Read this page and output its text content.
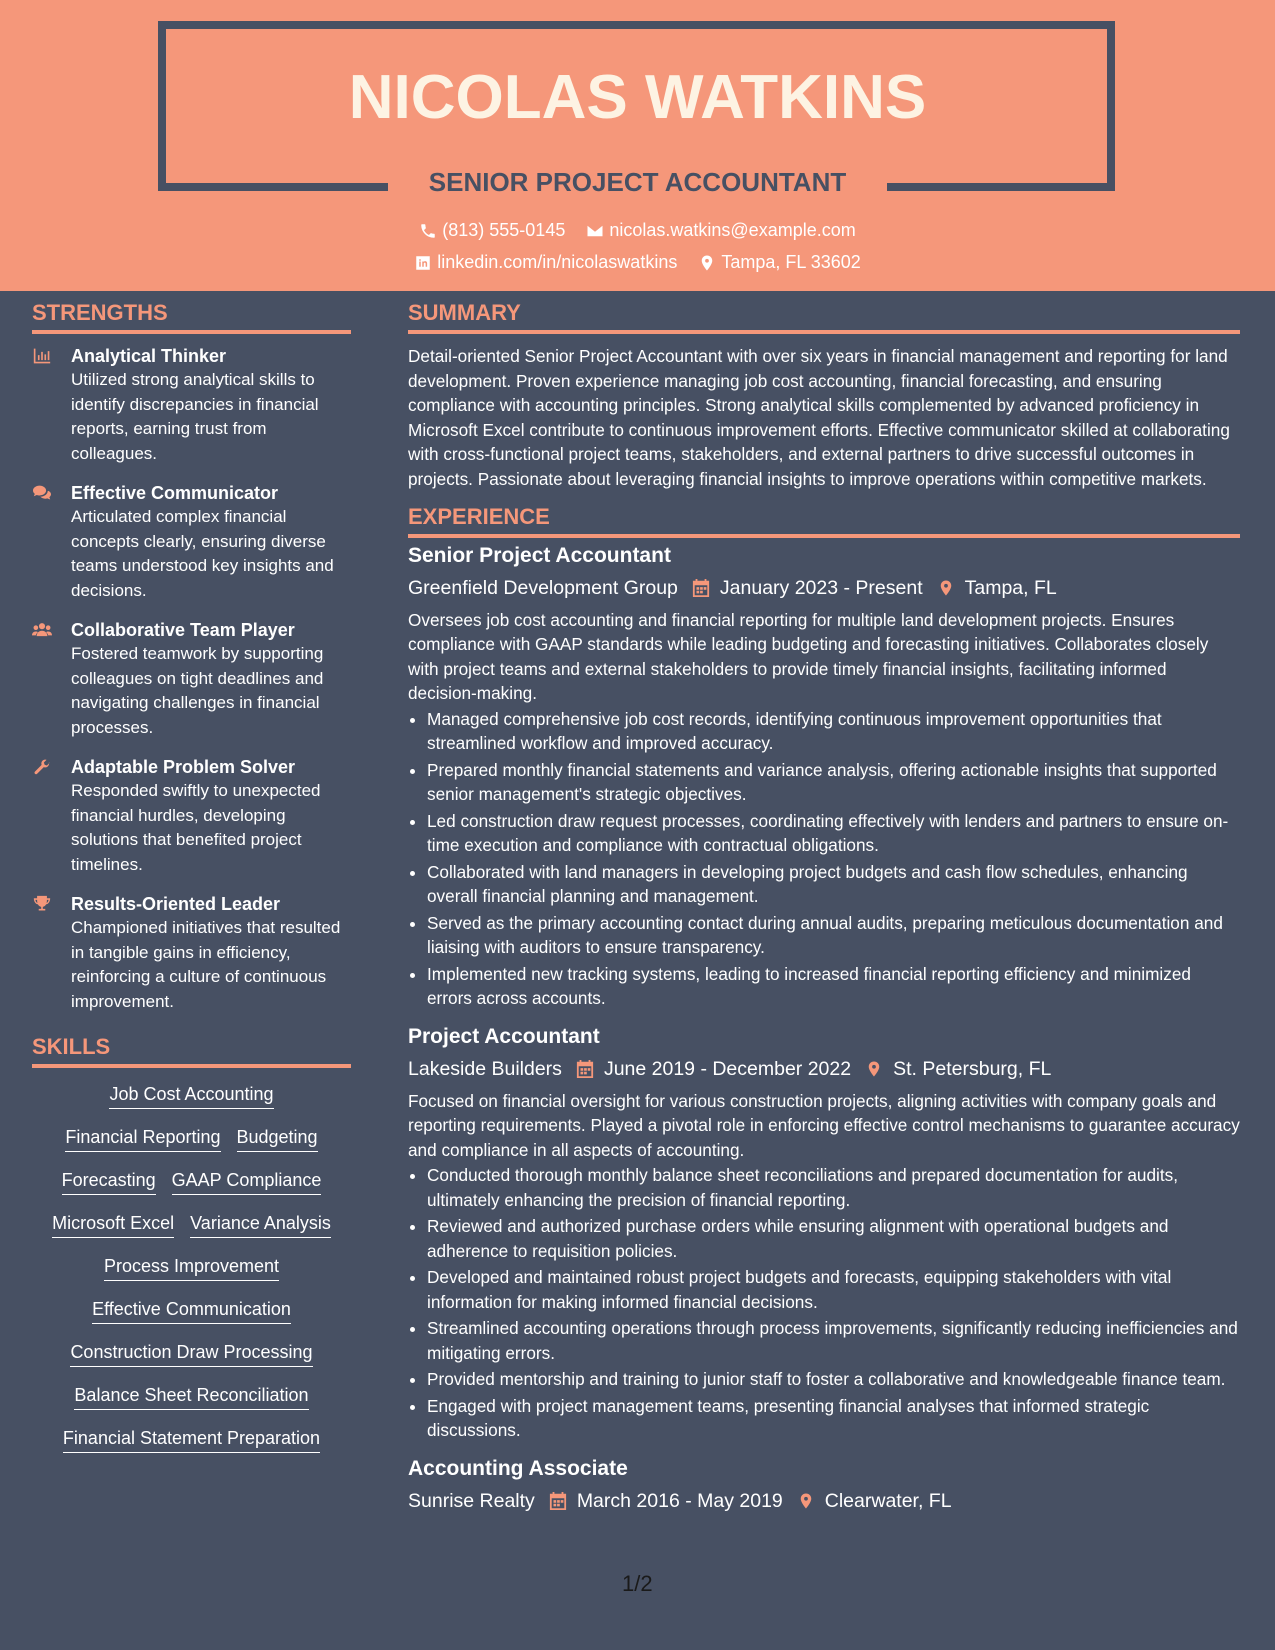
NICOLAS WATKINS
SENIOR PROJECT ACCOUNTANT
(813) 555-0145
nicolas.watkins@example.com
linkedin.com/in/nicolaswatkins
Tampa, FL 33602
STRENGTHS
Analytical Thinker
Utilized strong analytical skills to identify discrepancies in financial reports, earning trust from colleagues.
Effective Communicator
Articulated complex financial concepts clearly, ensuring diverse teams understood key insights and decisions.
Collaborative Team Player
Fostered teamwork by supporting colleagues on tight deadlines and navigating challenges in financial processes.
Adaptable Problem Solver
Responded swiftly to unexpected financial hurdles, developing solutions that benefited project timelines.
Results-Oriented Leader
Championed initiatives that resulted in tangible gains in efficiency, reinforcing a culture of continuous improvement.
SKILLS
Job Cost Accounting
Financial Reporting Budgeting
Forecasting GAAP Compliance
Microsoft Excel Variance Analysis
Process Improvement
Effective Communication
Construction Draw Processing
Balance Sheet Reconciliation
Financial Statement Preparation
SUMMARY
Detail-oriented Senior Project Accountant with over six years in financial management and reporting for land development. Proven experience managing job cost accounting, financial forecasting, and ensuring compliance with accounting principles. Strong analytical skills complemented by advanced proficiency in Microsoft Excel contribute to continuous improvement efforts. Effective communicator skilled at collaborating with cross-functional project teams, stakeholders, and external partners to drive successful outcomes in projects. Passionate about leveraging financial insights to improve operations within competitive markets.
EXPERIENCE
Senior Project Accountant
Greenfield Development Group January 2023 - Present Tampa, FL
Oversees job cost accounting and financial reporting for multiple land development projects. Ensures compliance with GAAP standards while leading budgeting and forecasting initiatives. Collaborates closely with project teams and external stakeholders to provide timely financial insights, facilitating informed decision-making.
• Managed comprehensive job cost records, identifying continuous improvement opportunities that streamlined workflow and improved accuracy.
• Prepared monthly financial statements and variance analysis, offering actionable insights that supported senior management's strategic objectives.
• Led construction draw request processes, coordinating effectively with lenders and partners to ensure on-time execution and compliance with contractual obligations.
• Collaborated with land managers in developing project budgets and cash flow schedules, enhancing overall financial planning and management.
• Served as the primary accounting contact during annual audits, preparing meticulous documentation and liaising with auditors to ensure transparency.
• Implemented new tracking systems, leading to increased financial reporting efficiency and minimized errors across accounts.
Project Accountant
Lakeside Builders June 2019 - December 2022 St. Petersburg, FL
Focused on financial oversight for various construction projects, aligning activities with company goals and reporting requirements. Played a pivotal role in enforcing effective control mechanisms to guarantee accuracy and compliance in all aspects of accounting.
• Conducted thorough monthly balance sheet reconciliations and prepared documentation for audits, ultimately enhancing the precision of financial reporting.
• Reviewed and authorized purchase orders while ensuring alignment with operational budgets and adherence to requisition policies.
• Developed and maintained robust project budgets and forecasts, equipping stakeholders with vital information for making informed financial decisions.
• Streamlined accounting operations through process improvements, significantly reducing inefficiencies and mitigating errors.
• Provided mentorship and training to junior staff to foster a collaborative and knowledgeable finance team.
• Engaged with project management teams, presenting financial analyses that informed strategic discussions.
Accounting Associate
Sunrise Realty March 2016 - May 2019 Clearwater, FL
1/2
